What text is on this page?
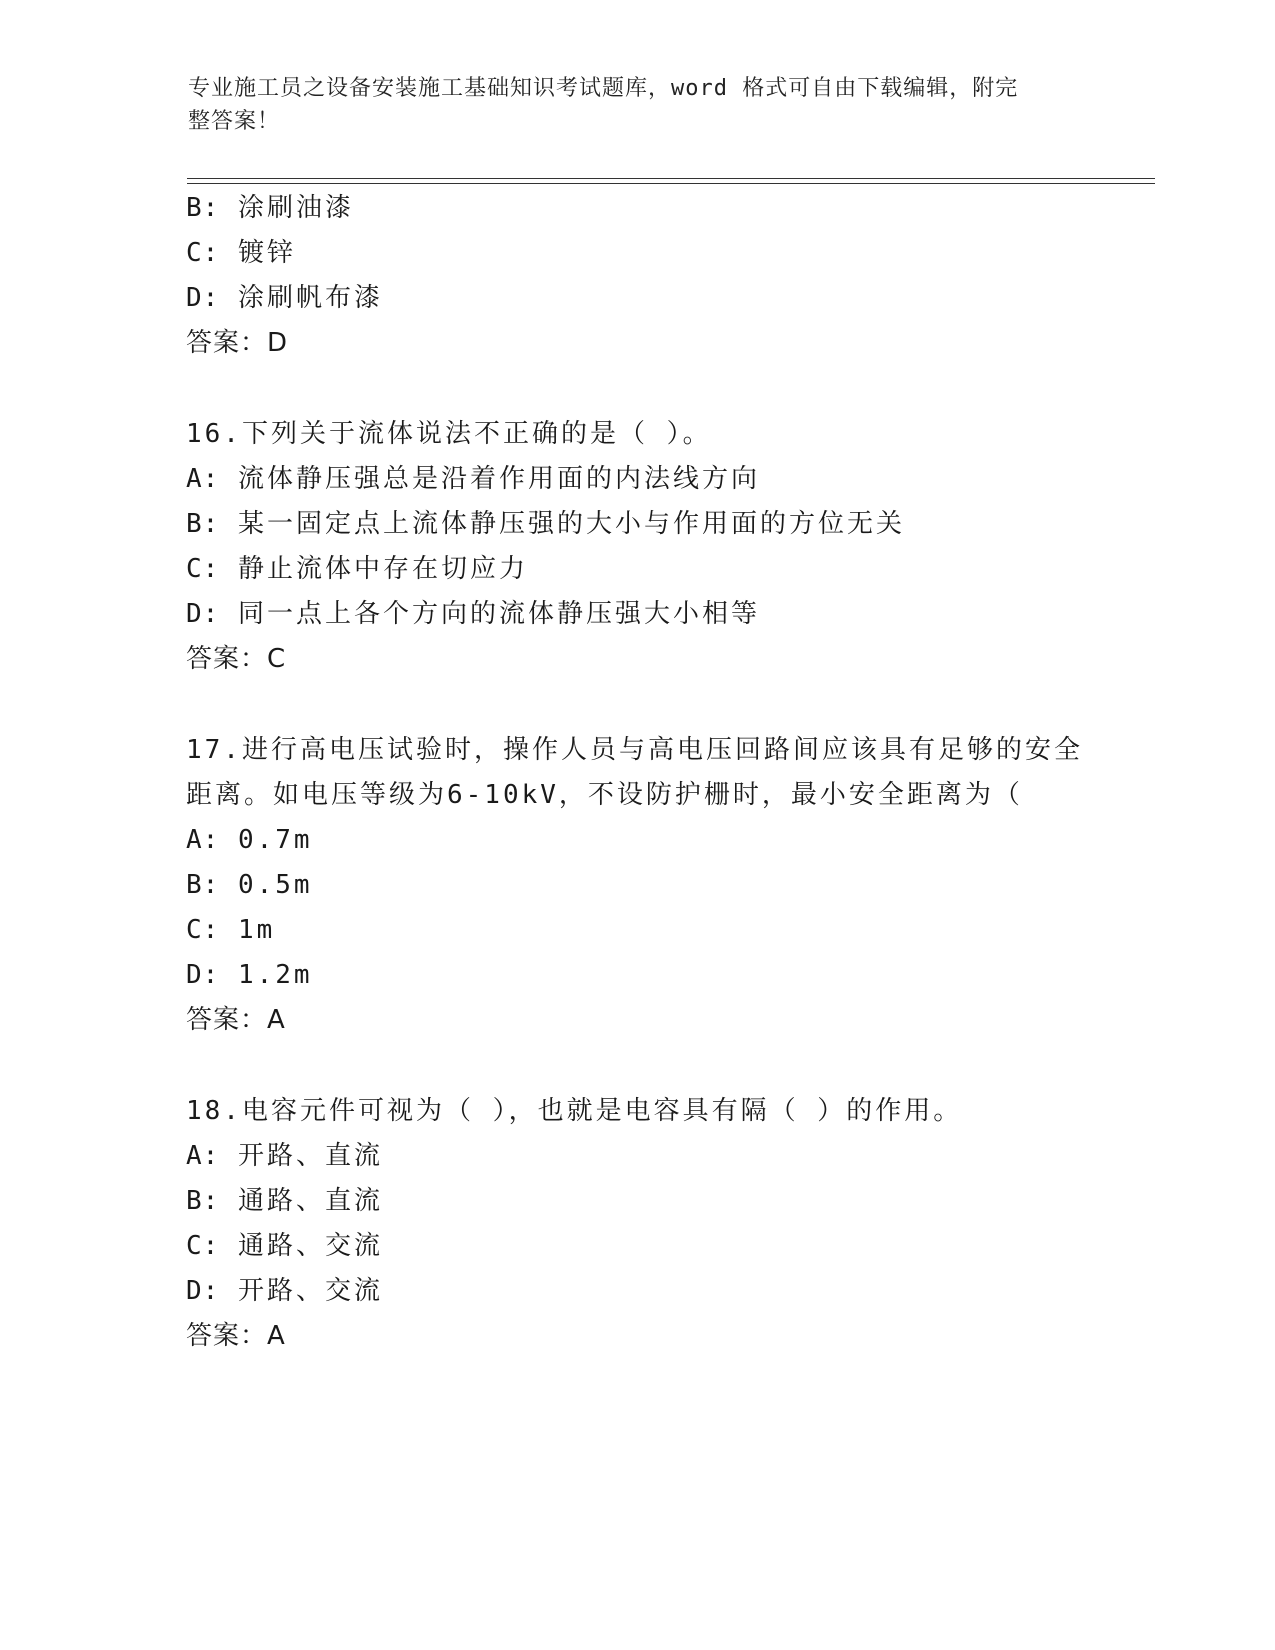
专业施工员之设备安装施工基础知识考试题库，word 格式可自由下载编辑，附完
整答案！
B: 涂刷油漆
C: 镀锌
D: 涂刷帆布漆
答案：D
16.下列关于流体说法不正确的是（ ）。
A: 流体静压强总是沿着作用面的内法线方向
B: 某一固定点上流体静压强的大小与作用面的方位无关
C: 静止流体中存在切应力
D: 同一点上各个方向的流体静压强大小相等
答案：C
17.进行高电压试验时，操作人员与高电压回路间应该具有足够的安全
距离。如电压等级为6-10kV，不设防护栅时，最小安全距离为（
A: 0.7m
B: 0.5m
C: 1m
D: 1.2m
答案：A
18.电容元件可视为（ ），也就是电容具有隔（ ）的作用。
A: 开路、直流
B: 通路、直流
C: 通路、交流
D: 开路、交流
答案：A
